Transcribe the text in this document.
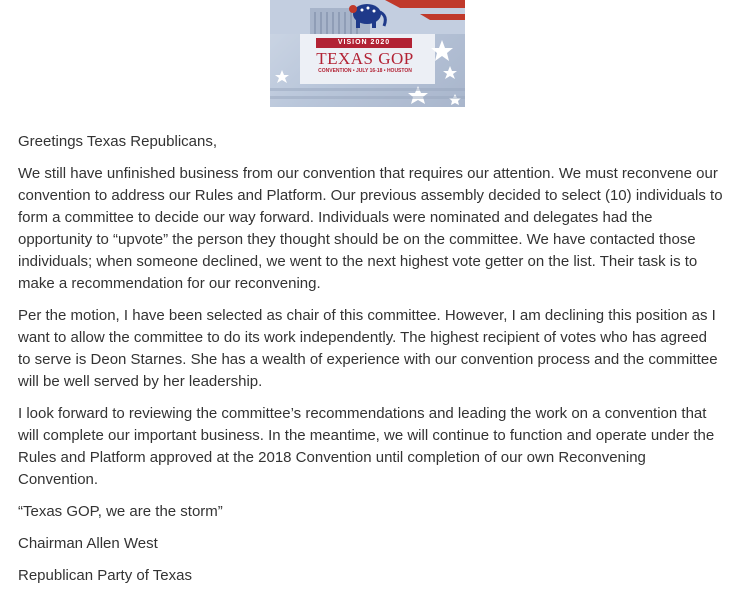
VISION 2020
TEXAS GOP
CONVENTION • JULY 16-18 • HOUSTON

Greetings Texas Republicans,

We still have unfinished business from our convention that requires our attention. We must reconvene our convention to address our Rules and Platform. Our previous assembly decided to select (10) individuals to form a committee to decide our way forward. Individuals were nominated and delegates had the opportunity to “upvote” the person they thought should be on the committee. We have contacted those individuals; when someone declined, we went to the next highest vote getter on the list. Their task is to make a recommendation for our reconvening.

Per the motion, I have been selected as chair of this committee. However, I am declining this position as I want to allow the committee to do its work independently. The highest recipient of votes who has agreed to serve is Deon Starnes. She has a wealth of experience with our convention process and the committee will be well served by her leadership.

I look forward to reviewing the committee’s recommendations and leading the work on a convention that will complete our important business. In the meantime, we will continue to function and operate under the Rules and Platform approved at the 2018 Convention until completion of our own Reconvening Convention.

“Texas GOP, we are the storm”

Chairman Allen West

Republican Party of Texas
